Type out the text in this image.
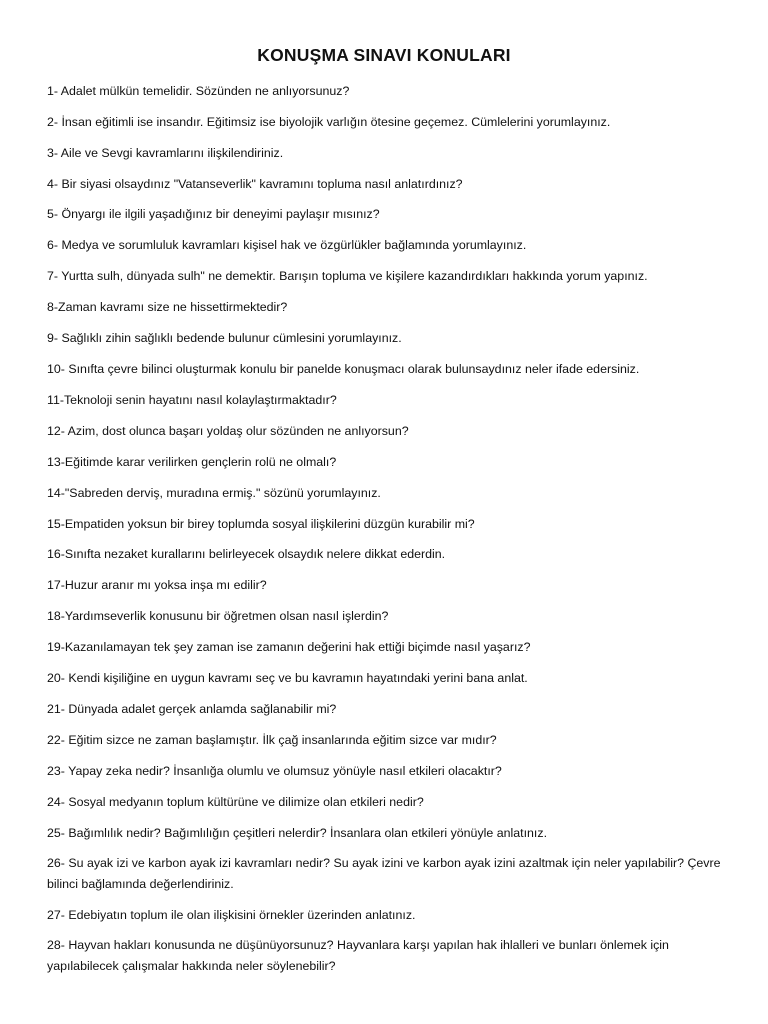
KONUŞMA SINAVI KONULARI
1- Adalet mülkün temelidir. Sözünden ne anlıyorsunuz?
2- İnsan eğitimli ise insandır. Eğitimsiz ise biyolojik varlığın ötesine geçemez. Cümlelerini yorumlayınız.
3- Aile ve Sevgi kavramlarını ilişkilendiriniz.
4- Bir siyasi olsaydınız "Vatanseverlik" kavramını topluma nasıl anlatırdınız?
5- Önyargı ile ilgili yaşadığınız bir deneyimi paylaşır mısınız?
6- Medya ve sorumluluk kavramları kişisel hak ve özgürlükler bağlamında yorumlayınız.
7- Yurtta sulh, dünyada sulh" ne demektir. Barışın topluma ve kişilere kazandırdıkları hakkında yorum yapınız.
8-Zaman kavramı size ne hissettirmektedir?
9- Sağlıklı zihin sağlıklı bedende bulunur cümlesini yorumlayınız.
10- Sınıfta çevre bilinci oluşturmak konulu bir panelde konuşmacı olarak bulunsaydınız neler ifade edersiniz.
11-Teknoloji senin hayatını nasıl kolaylaştırmaktadır?
12- Azim, dost olunca başarı yoldaş olur sözünden ne anlıyorsun?
13-Eğitimde karar verilirken gençlerin rolü ne olmalı?
14-"Sabreden derviş, muradına ermiş." sözünü yorumlayınız.
15-Empatiden yoksun bir birey toplumda sosyal ilişkilerini düzgün kurabilir mi?
16-Sınıfta nezaket kurallarını belirleyecek olsaydık nelere dikkat ederdin.
17-Huzur aranır mı yoksa inşa mı edilir?
18-Yardımseverlik konusunu bir öğretmen olsan nasıl işlerdin?
19-Kazanılamayan tek şey zaman ise zamanın değerini hak ettiği biçimde nasıl yaşarız?
20- Kendi kişiliğine en uygun kavramı seç ve bu kavramın hayatındaki yerini bana anlat.
21- Dünyada adalet gerçek anlamda sağlanabilir mi?
22- Eğitim sizce ne zaman başlamıştır. İlk çağ insanlarında eğitim sizce var mıdır?
23- Yapay zeka nedir? İnsanlığa olumlu ve olumsuz yönüyle nasıl etkileri olacaktır?
24- Sosyal medyanın toplum kültürüne ve dilimize olan etkileri nedir?
25- Bağımlılık nedir? Bağımlılığın çeşitleri nelerdir? İnsanlara olan etkileri yönüyle anlatınız.
26- Su ayak izi ve karbon ayak izi kavramları nedir? Su ayak izini ve karbon ayak izini azaltmak için neler yapılabilir? Çevre bilinci bağlamında değerlendiriniz.
27- Edebiyatın toplum ile olan ilişkisini örnekler üzerinden anlatınız.
28- Hayvan hakları konusunda ne düşünüyorsunuz? Hayvanlara karşı yapılan hak ihlalleri ve bunları önlemek için yapılabilecek çalışmalar hakkında neler söylenebilir?
